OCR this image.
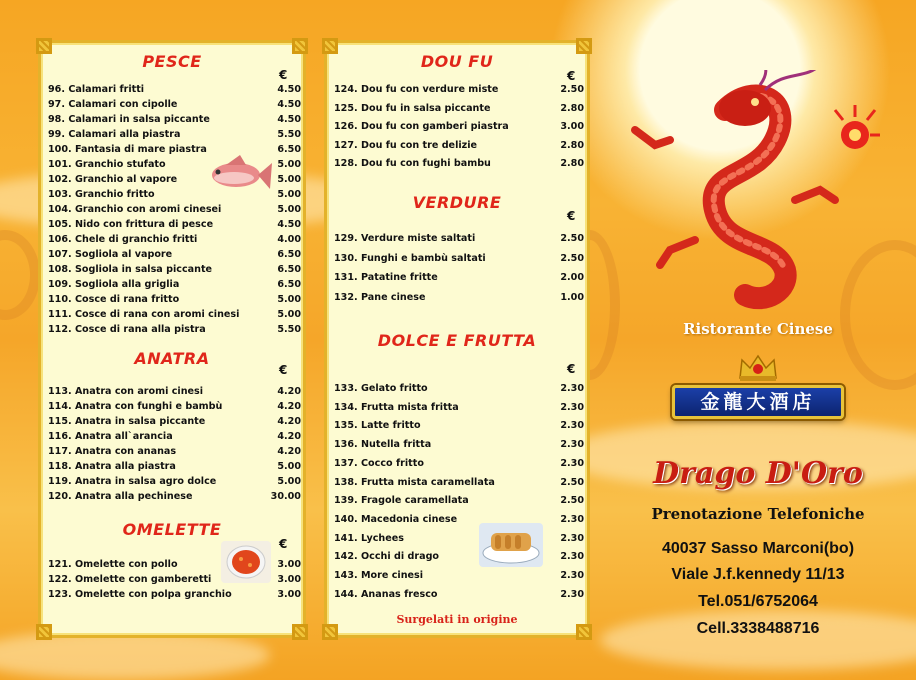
PESCE
€
96. Calamari fritti	4.50
97. Calamari con cipolle	4.50
98. Calamari in salsa piccante	4.50
99. Calamari alla piastra	5.50
100. Fantasia di mare piastra	6.50
101. Granchio stufato	5.00
102. Granchio al vapore	5.00
103. Granchio fritto	5.00
104. Granchio con aromi cinesei	5.00
105. Nido con frittura di pesce	4.50
106. Chele di granchio fritti	4.00
107. Sogliola al vapore	6.50
108. Sogliola in salsa piccante	6.50
109. Sogliola alla griglia	6.50
110. Cosce di rana fritto	5.00
111. Cosce di rana con aromi cinesi	5.00
112. Cosce di rana alla pistra	5.50
ANATRA
€
113. Anatra con aromi cinesi	4.20
114. Anatra con funghi e bambù	4.20
115. Anatra in salsa piccante	4.20
116. Anatra all`arancia	4.20
117. Anatra con ananas	4.20
118. Anatra alla piastra	5.00
119. Anatra in salsa agro dolce	5.00
120. Anatra alla pechinese	30.00
OMELETTE
€
121. Omelette con pollo	3.00
122. Omelette con gamberetti	3.00
123. Omelette con polpa granchio	3.00
DOU FU
€
124. Dou fu con verdure miste	2.50
125. Dou fu in salsa piccante	2.80
126. Dou fu con gamberi piastra	3.00
127. Dou fu con tre delizie	2.80
128. Dou fu con fughi bambu	2.80
VERDURE
€
129. Verdure miste saltati	2.50
130. Funghi e bambù saltati	2.50
131. Patatine fritte	2.00
132. Pane cinese	1.00
DOLCE E FRUTTA
€
133. Gelato fritto	2.30
134. Frutta mista fritta	2.30
135. Latte fritto	2.30
136. Nutella fritta	2.30
137. Cocco fritto	2.30
138. Frutta mista caramellata	2.50
139. Fragole caramellata	2.50
140. Macedonia cinese	2.30
141. Lychees	2.30
142. Occhi di drago	2.30
143. More cinesi	2.30
144. Ananas fresco	2.30
Surgelati in origine
Ristorante Cinese
金龍大酒店
Drago D'Oro
Prenotazione Telefoniche
40037 Sasso Marconi(bo)
Viale J.f.kennedy 11/13
Tel.051/6752064
Cell.3338488716
